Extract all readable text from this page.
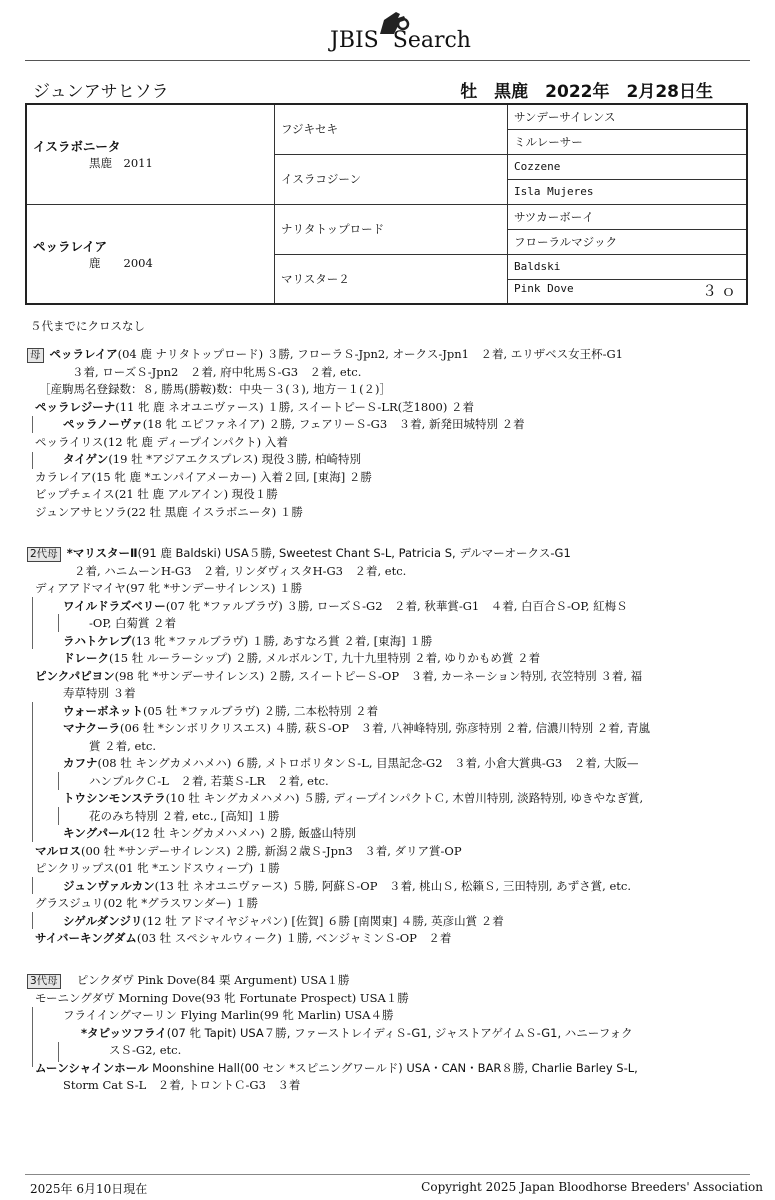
JBIS Search
ジュンアサヒソラ	牡　黒鹿　2022年　2月28日生
イスラボニータ
黒鹿　2011	フジキセキ	サンデーサイレンス
		ミルレーサー
	イスラコジーン	Cozzene
		Isla Mujeres

ペッラレイア
鹿　　2004	ナリタトップロード	サツカーボーイ
		フローラルマジック
	マリスター２	Baldski
		Pink Dove ３ｏ
５代までにクロスなし
母 ペッラレイア(04 鹿 ナリタトップロード) ３勝, フローラＳ-Jpn2, オークス-Jpn1　２着, エリザベス女王杯-G1
３着, ローズＳ-Jpn2　２着, 府中牝馬Ｓ-G3　２着, etc.
［産駒馬名登録数：８, 勝馬(勝鞍)数：中央－３(３), 地方－１(２)］
ペッラレジーナ(11 牝 鹿 ネオユニヴァース) １勝, スイートピーＳ-LR(芝1800) ２着
ペッラノーヴァ(18 牝 エピファネイア) ２勝, フェアリーＳ-G3　３着, 新発田城特別 ２着
ペッライリス(12 牝 鹿 ディープインパクト) 入着
タイゲン(19 牡 *アジアエクスプレス) 現役３勝, 柏崎特別
カラレイア(15 牝 鹿 *エンパイアメーカー) 入着２回, [東海] ２勝
ビップチェイス(21 牡 鹿 アルアイン) 現役１勝
ジュンアサヒソラ(22 牡 黒鹿 イスラボニータ) １勝
2代母 *マリスターⅡ(91 鹿 Baldski) USA５勝, Sweetest Chant S-L, Patricia S, デルマーオークス-G1
２着, ハニムーンH-G3　２着, リンダヴィスタH-G3　２着, etc.
ディアアドマイヤ(97 牝 *サンデーサイレンス) １勝
ワイルドラズベリー(07 牝 *ファルブラヴ) ３勝, ローズＳ-G2　２着, 秋華賞-G1　４着, 白百合Ｓ-OP, 紅梅Ｓ
-OP, 白菊賞 ２着
ラハトケレブ(13 牝 *ファルブラヴ) １勝, あすなろ賞 ２着, [東海] １勝
ドレーク(15 牡 ルーラーシップ) ２勝, メルボルンＴ, 九十九里特別 ２着, ゆりかもめ賞 ２着
ピンクパピヨン(98 牝 *サンデーサイレンス) ２勝, スイートピーＳ-OP　３着, カーネーション特別, 衣笠特別 ３着, 福
寿草特別 ３着
ウォーボネット(05 牡 *ファルブラヴ) ２勝, 二本松特別 ２着
マナクーラ(06 牡 *シンボリクリスエス) ４勝, 萩Ｓ-OP　３着, 八神峰特別, 弥彦特別 ２着, 信濃川特別 ２着, 青嵐
賞 ２着, etc.
カフナ(08 牡 キングカメハメハ) ６勝, メトロポリタンＳ-L, 目黒記念-G2　３着, 小倉大賞典-G3　２着, 大阪—
ハンブルクＣ-L　２着, 若葉Ｓ-LR　２着, etc.
トウシンモンステラ(10 牡 キングカメハメハ) ５勝, ディープインパクトＣ, 木曽川特別, 淡路特別, ゆきやなぎ賞,
花のみち特別 ２着, etc., [高知] １勝
キングパール(12 牡 キングカメハメハ) ２勝, 飯盛山特別
マルロス(00 牡 *サンデーサイレンス) ２勝, 新潟２歳Ｓ-Jpn3　３着, ダリア賞-OP
ピンクリップス(01 牝 *エンドスウィープ) １勝
ジュンヴァルカン(13 牡 ネオユニヴァース) ５勝, 阿蘇Ｓ-OP　３着, 桃山Ｓ, 松籟Ｓ, 三田特別, あずさ賞, etc.
グラスジュリ(02 牝 *グラスワンダー) １勝
シゲルダンジリ(12 牡 アドマイヤジャパン) [佐賀] ６勝 [南関東] ４勝, 英彦山賞 ２着
サイバーキングダム(03 牡 スペシャルウィーク) １勝, ベンジャミンＳ-OP　２着
3代母 ピンクダヴ Pink Dove(84 栗 Argument) USA１勝
モーニングダヴ Morning Dove(93 牝 Fortunate Prospect) USA１勝
フライイングマーリン Flying Marlin(99 牝 Marlin) USA４勝
*タピッツフライ(07 牝 Tapit) USA７勝, ファーストレイディＳ-G1, ジャストアゲイムＳ-G1, ハニーフォク
スＳ-G2, etc.
ムーンシャインホール Moonshine Hall(00 セン *スピニングワールド) USA・CAN・BAR８勝, Charlie Barley S-L,
Storm Cat S-L　２着, トロントＣ-G3　３着
2025年 6月10日現在	Copyright 2025 Japan Bloodhorse Breeders' Association
